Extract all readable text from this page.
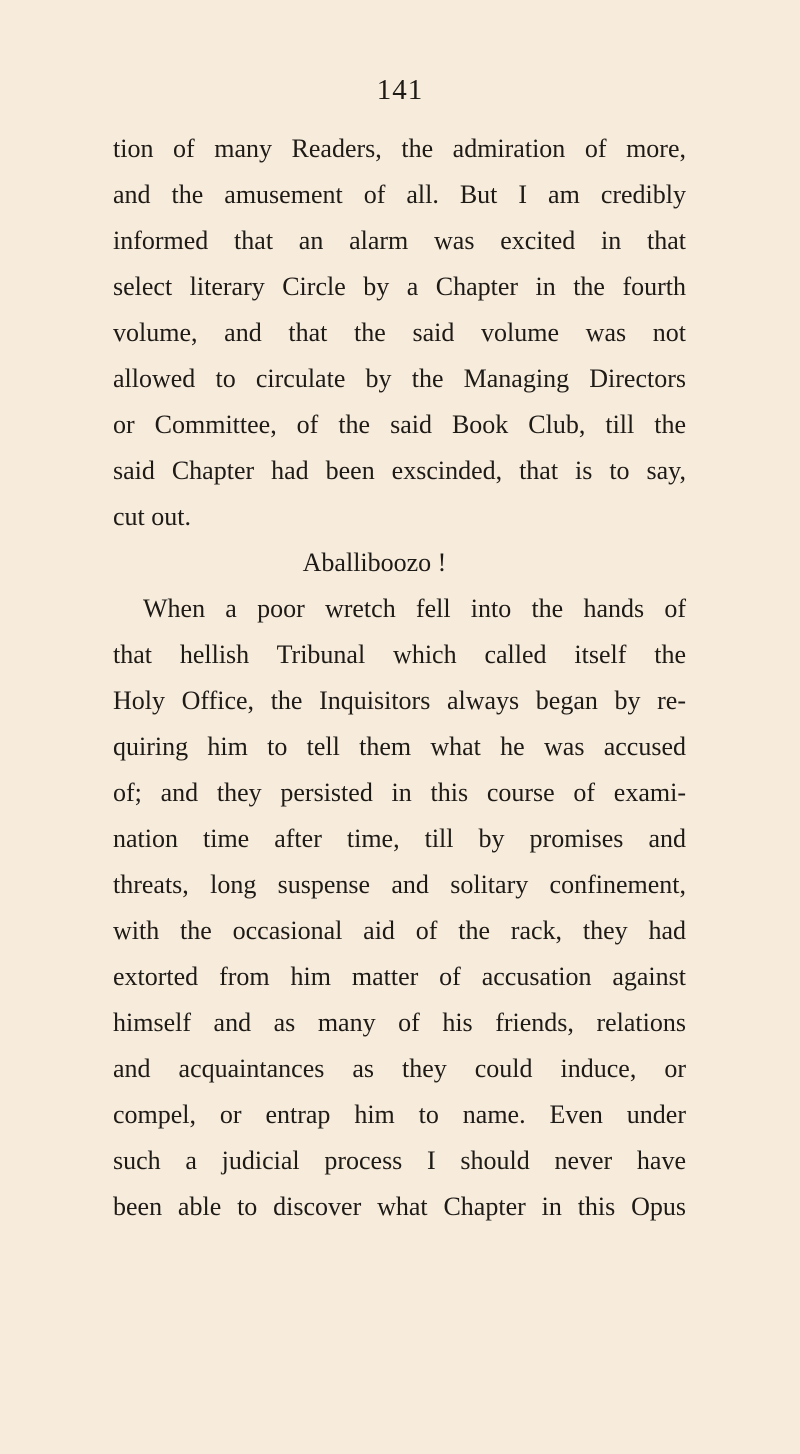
141
tion of many Readers, the admiration of more,
and the amusement of all. But I am credibly
informed that an alarm was excited in that
select literary Circle by a Chapter in the fourth
volume, and that the said volume was not
allowed to circulate by the Managing Directors
or Committee, of the said Book Club, till the
said Chapter had been exscinded, that is to say,
cut out.
Aballiboozo !
When a poor wretch fell into the hands of
that hellish Tribunal which called itself the
Holy Office, the Inquisitors always began by re-
quiring him to tell them what he was accused
of; and they persisted in this course of exami-
nation time after time, till by promises and
threats, long suspense and solitary confinement,
with the occasional aid of the rack, they had
extorted from him matter of accusation against
himself and as many of his friends, relations
and acquaintances as they could induce, or
compel, or entrap him to name. Even under
such a judicial process I should never have
been able to discover what Chapter in this Opus
